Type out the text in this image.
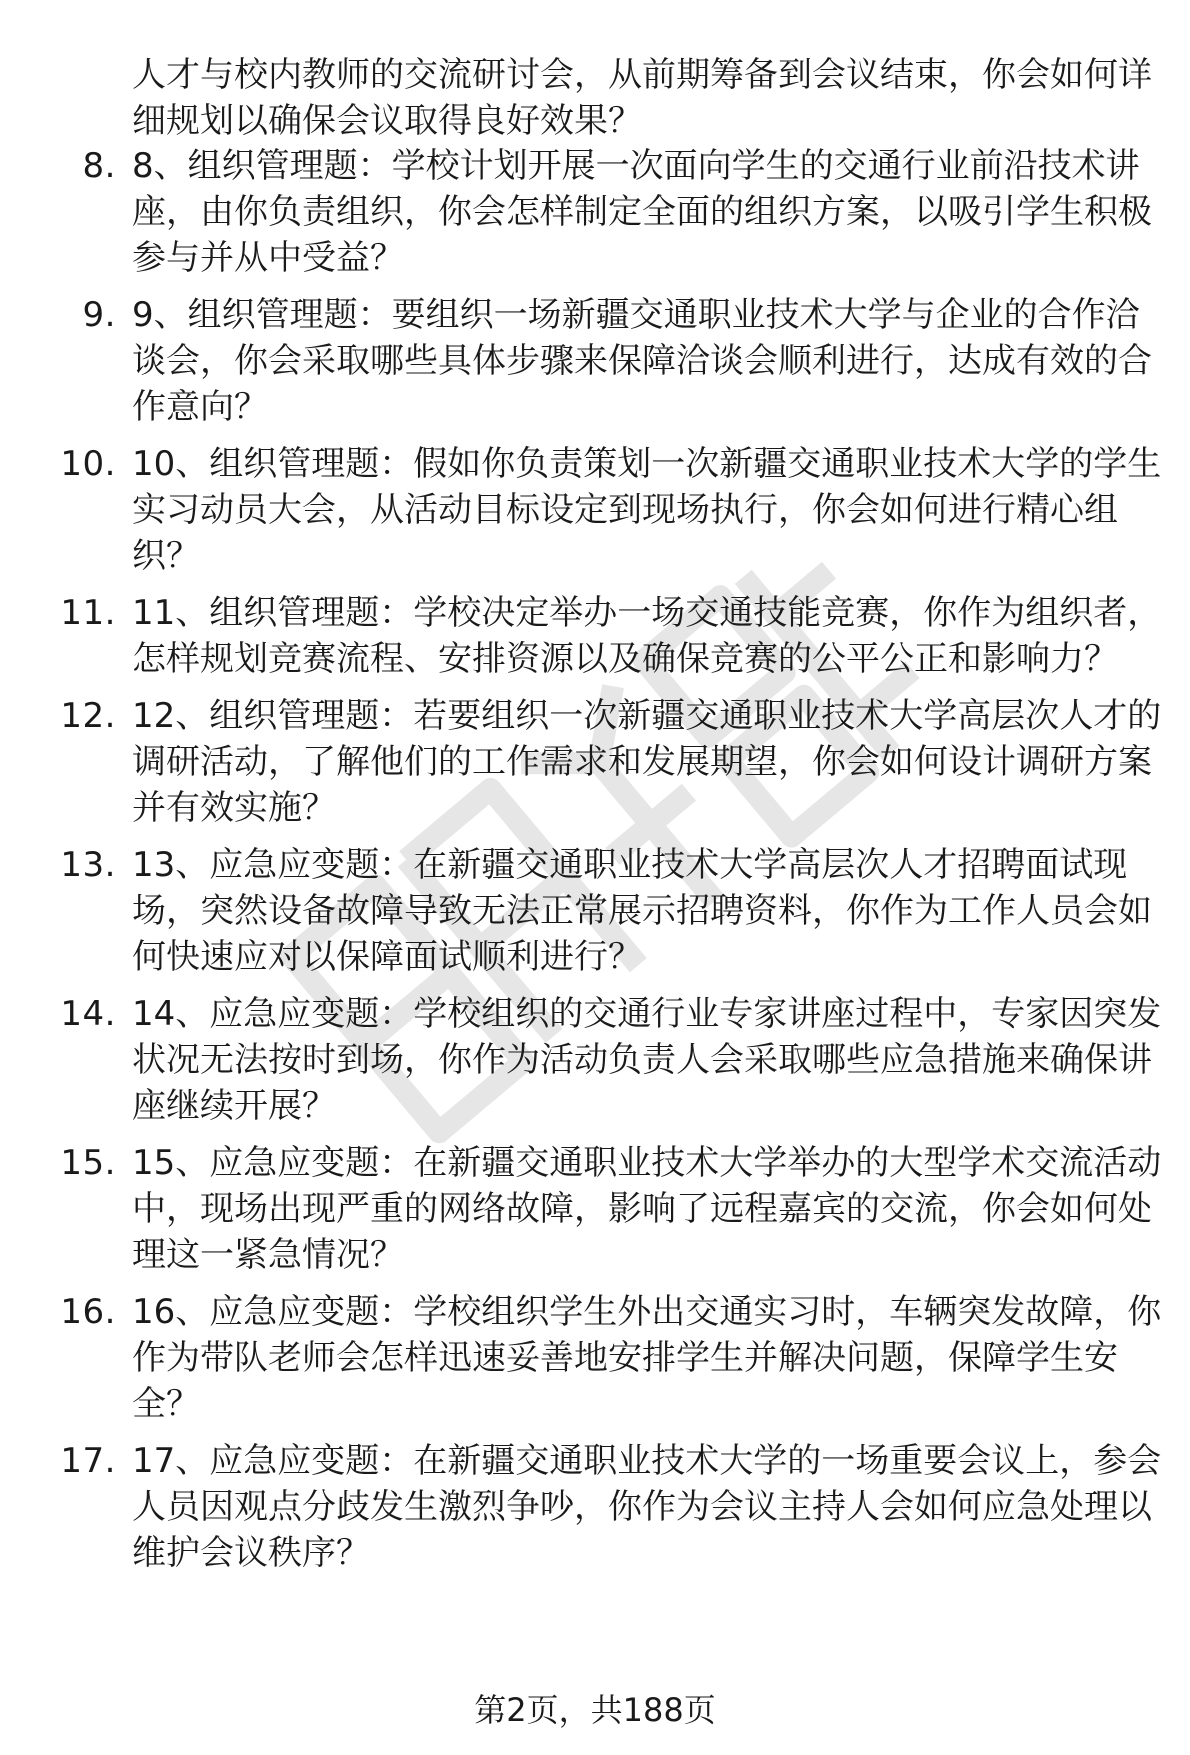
人才与校内教师的交流研讨会，从前期筹备到会议结束，你会如何详细规划以确保会议取得良好效果？
8. 8、组织管理题：学校计划开展一次面向学生的交通行业前沿技术讲座，由你负责组织，你会怎样制定全面的组织方案，以吸引学生积极参与并从中受益？
9. 9、组织管理题：要组织一场新疆交通职业技术大学与企业的合作洽谈会，你会采取哪些具体步骤来保障洽谈会顺利进行，达成有效的合作意向？
10. 10、组织管理题：假如你负责策划一次新疆交通职业技术大学的学生实习动员大会，从活动目标设定到现场执行，你会如何进行精心组织？
11. 11、组织管理题：学校决定举办一场交通技能竞赛，你作为组织者，怎样规划竞赛流程、安排资源以及确保竞赛的公平公正和影响力？
12. 12、组织管理题：若要组织一次新疆交通职业技术大学高层次人才的调研活动，了解他们的工作需求和发展期望，你会如何设计调研方案并有效实施？
13. 13、应急应变题：在新疆交通职业技术大学高层次人才招聘面试现场，突然设备故障导致无法正常展示招聘资料，你作为工作人员会如何快速应对以保障面试顺利进行？
14. 14、应急应变题：学校组织的交通行业专家讲座过程中，专家因突发状况无法按时到场，你作为活动负责人会采取哪些应急措施来确保讲座继续开展？
15. 15、应急应变题：在新疆交通职业技术大学举办的大型学术交流活动中，现场出现严重的网络故障，影响了远程嘉宾的交流，你会如何处理这一紧急情况？
16. 16、应急应变题：学校组织学生外出交通实习时，车辆突发故障，你作为带队老师会怎样迅速妥善地安排学生并解决问题，保障学生安全？
17. 17、应急应变题：在新疆交通职业技术大学的一场重要会议上，参会人员因观点分歧发生激烈争吵，你作为会议主持人会如何应急处理以维护会议秩序？
第2页，共188页
